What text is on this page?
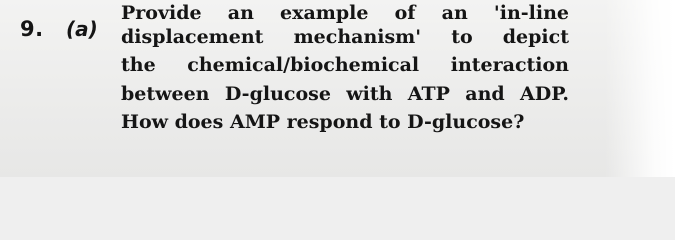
9. (a)
Provide an example of an 'in-line
displacement mechanism' to depict
the chemical/biochemical interaction
between D-glucose with ATP and ADP.
How does AMP respond to D-glucose?
